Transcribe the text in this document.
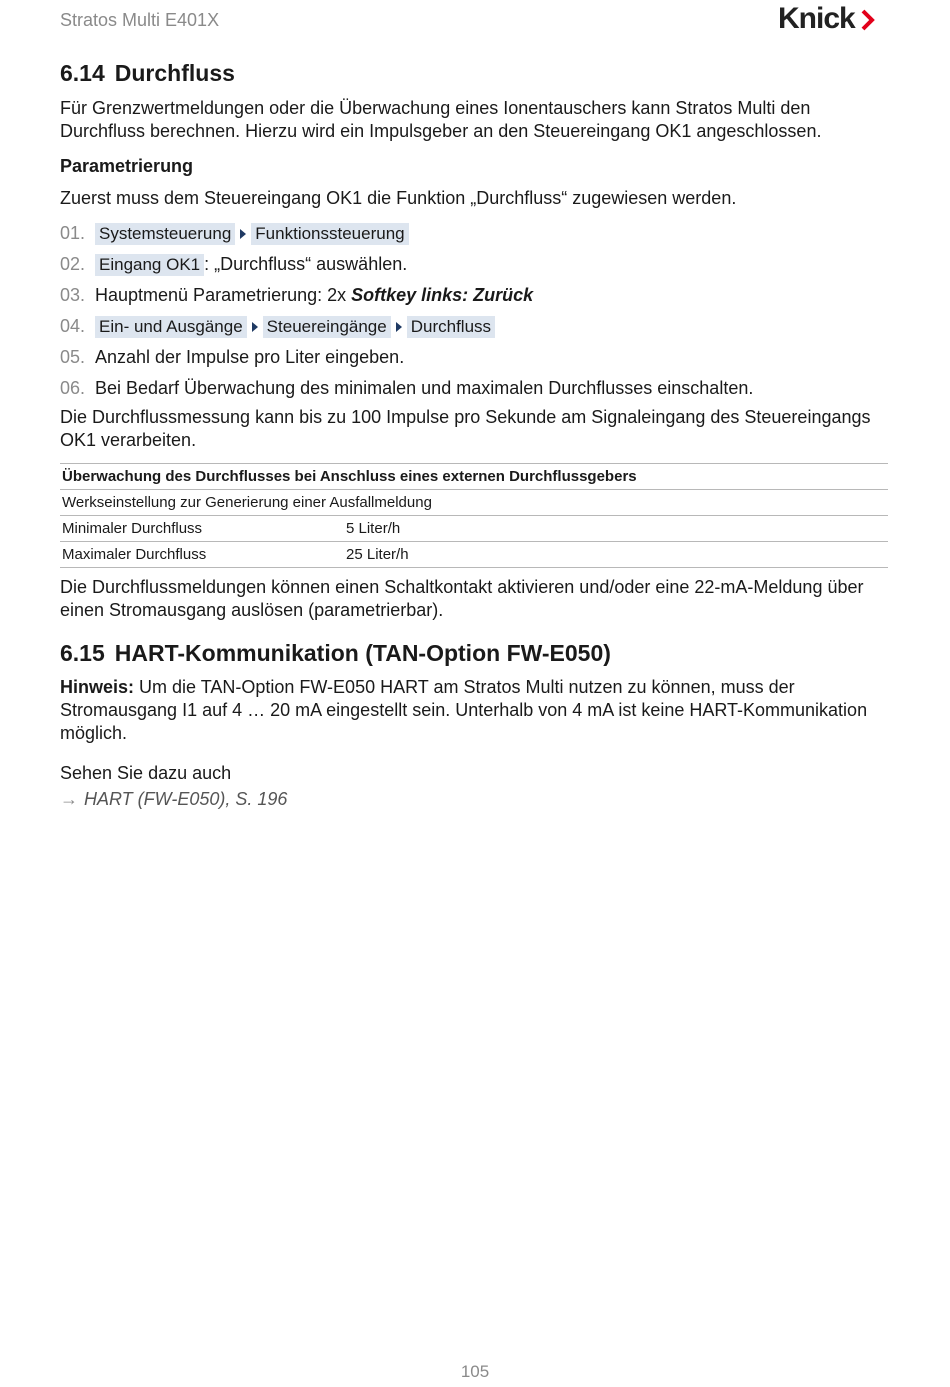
Stratos Multi E401X	Knick
6.14 Durchfluss

Für Grenzwertmeldungen oder die Überwachung eines Ionentauschers kann Stratos Multi den Durchfluss berechnen. Hierzu wird ein Impulsgeber an den Steuereingang OK1 angeschlossen.

Parametrierung

Zuerst muss dem Steuereingang OK1 die Funktion „Durchfluss“ zugewiesen werden.

01. Systemsteuerung Funktionssteuerung
02. Eingang OK1 : „Durchfluss“ auswählen.
03. Hauptmenü Parametrierung: 2x Softkey links: Zurück
04. Ein- und Ausgänge Steuereingänge Durchfluss
05. Anzahl der Impulse pro Liter eingeben.
06. Bei Bedarf Überwachung des minimalen und maximalen Durchflusses einschalten.

Die Durchflussmessung kann bis zu 100 Impulse pro Sekunde am Signaleingang des Steuereingangs OK1 verarbeiten.

Überwachung des Durchflusses bei Anschluss eines externen Durchflussgebers	
Werkseinstellung zur Generierung einer Ausfallmeldung	
Minimaler Durchfluss	5 Liter/h
Maximaler Durchfluss	25 Liter/h

Die Durchflussmeldungen können einen Schaltkontakt aktivieren und/oder eine 22-mA-Meldung über einen Stromausgang auslösen (parametrierbar).

6.15 HART-Kommunikation (TAN-Option FW-E050)

Hinweis: Um die TAN-Option FW-E050 HART am Stratos Multi nutzen zu können, muss der Stromausgang I1 auf 4 … 20 mA eingestellt sein. Unterhalb von 4 mA ist keine HART-Kommunikation möglich.

Sehen Sie dazu auch
→ HART (FW-E050), S. 196
105
